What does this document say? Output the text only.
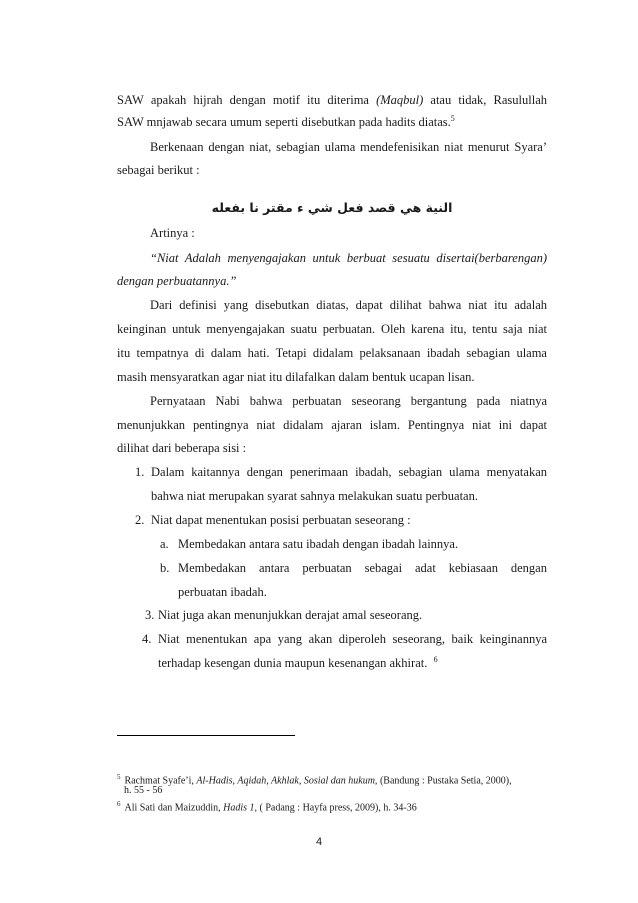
SAW apakah hijrah dengan motif itu diterima (Maqbul) atau tidak, Rasulullah
SAW mnjawab secara umum seperti disebutkan pada hadits diatas.$^5$
Berkenaan dengan niat, sebagian ulama mendefenisikan niat menurut Syara’
sebagai berikut :
النية هي قصد فعل شي ء مقتر نا بفعله
Artinya :
“Niat Adalah menyengajakan untuk berbuat sesuatu disertai(berbarengan)
dengan perbuatannya.”
Dari definisi yang disebutkan diatas, dapat dilihat bahwa niat itu adalah
keinginan untuk menyengajakan suatu perbuatan. Oleh karena itu, tentu saja niat
itu tempatnya di dalam hati. Tetapi didalam pelaksanaan ibadah sebagian ulama
masih mensyaratkan agar niat itu dilafalkan dalam bentuk ucapan lisan.
Pernyataan Nabi bahwa perbuatan seseorang bergantung pada niatnya
menunjukkan pentingnya niat didalam ajaran islam. Pentingnya niat ini dapat
dilihat dari beberapa sisi :
1. Dalam kaitannya dengan penerimaan ibadah, sebagian ulama menyatakan
bahwa niat merupakan syarat sahnya melakukan suatu perbuatan.
2. Niat dapat menentukan posisi perbuatan seseorang :
a. Membedakan antara satu ibadah dengan ibadah lainnya.
b. Membedakan antara perbuatan sebagai adat kebiasaan dengan
perbuatan ibadah.
3. Niat juga akan menunjukkan derajat amal seseorang.
4. Niat menentukan apa yang akan diperoleh seseorang, baik keinginannya
terhadap kesengan dunia maupun kesenangan akhirat. $^6$
$^5$ Rachmat Syafe’i, Al-Hadis, Aqidah, Akhlak, Sosial dan hukum, (Bandung : Pustaka Setia, 2000),
h. 55 - 56
$^6$ Ali Sati dan Maizuddin, Hadis 1, ( Padang : Hayfa press, 2009), h. 34-36
4
